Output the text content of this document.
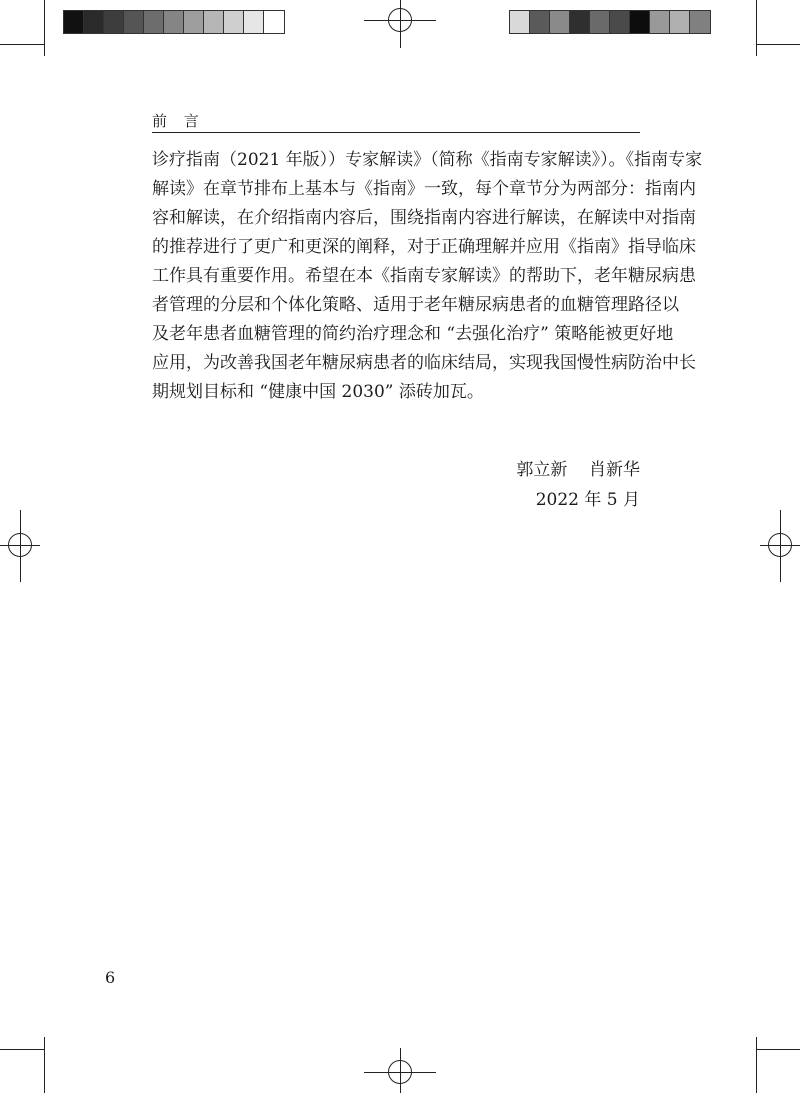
前 言
诊疗指南（2021 年版））专家解读》（简称《指南专家解读》）。《指南专家
解读》在章节排布上基本与《指南》一致，每个章节分为两部分：指南内
容和解读，在介绍指南内容后，围绕指南内容进行解读，在解读中对指南
的推荐进行了更广和更深的阐释，对于正确理解并应用《指南》指导临床
工作具有重要作用。希望在本《指南专家解读》的帮助下，老年糖尿病患
者管理的分层和个体化策略、适用于老年糖尿病患者的血糖管理路径以
及老年患者血糖管理的简约治疗理念和 “去强化治疗” 策略能被更好地
应用，为改善我国老年糖尿病患者的临床结局，实现我国慢性病防治中长
期规划目标和 “健康中国 2030” 添砖加瓦。
郭立新    肖新华
2022 年 5 月
6
